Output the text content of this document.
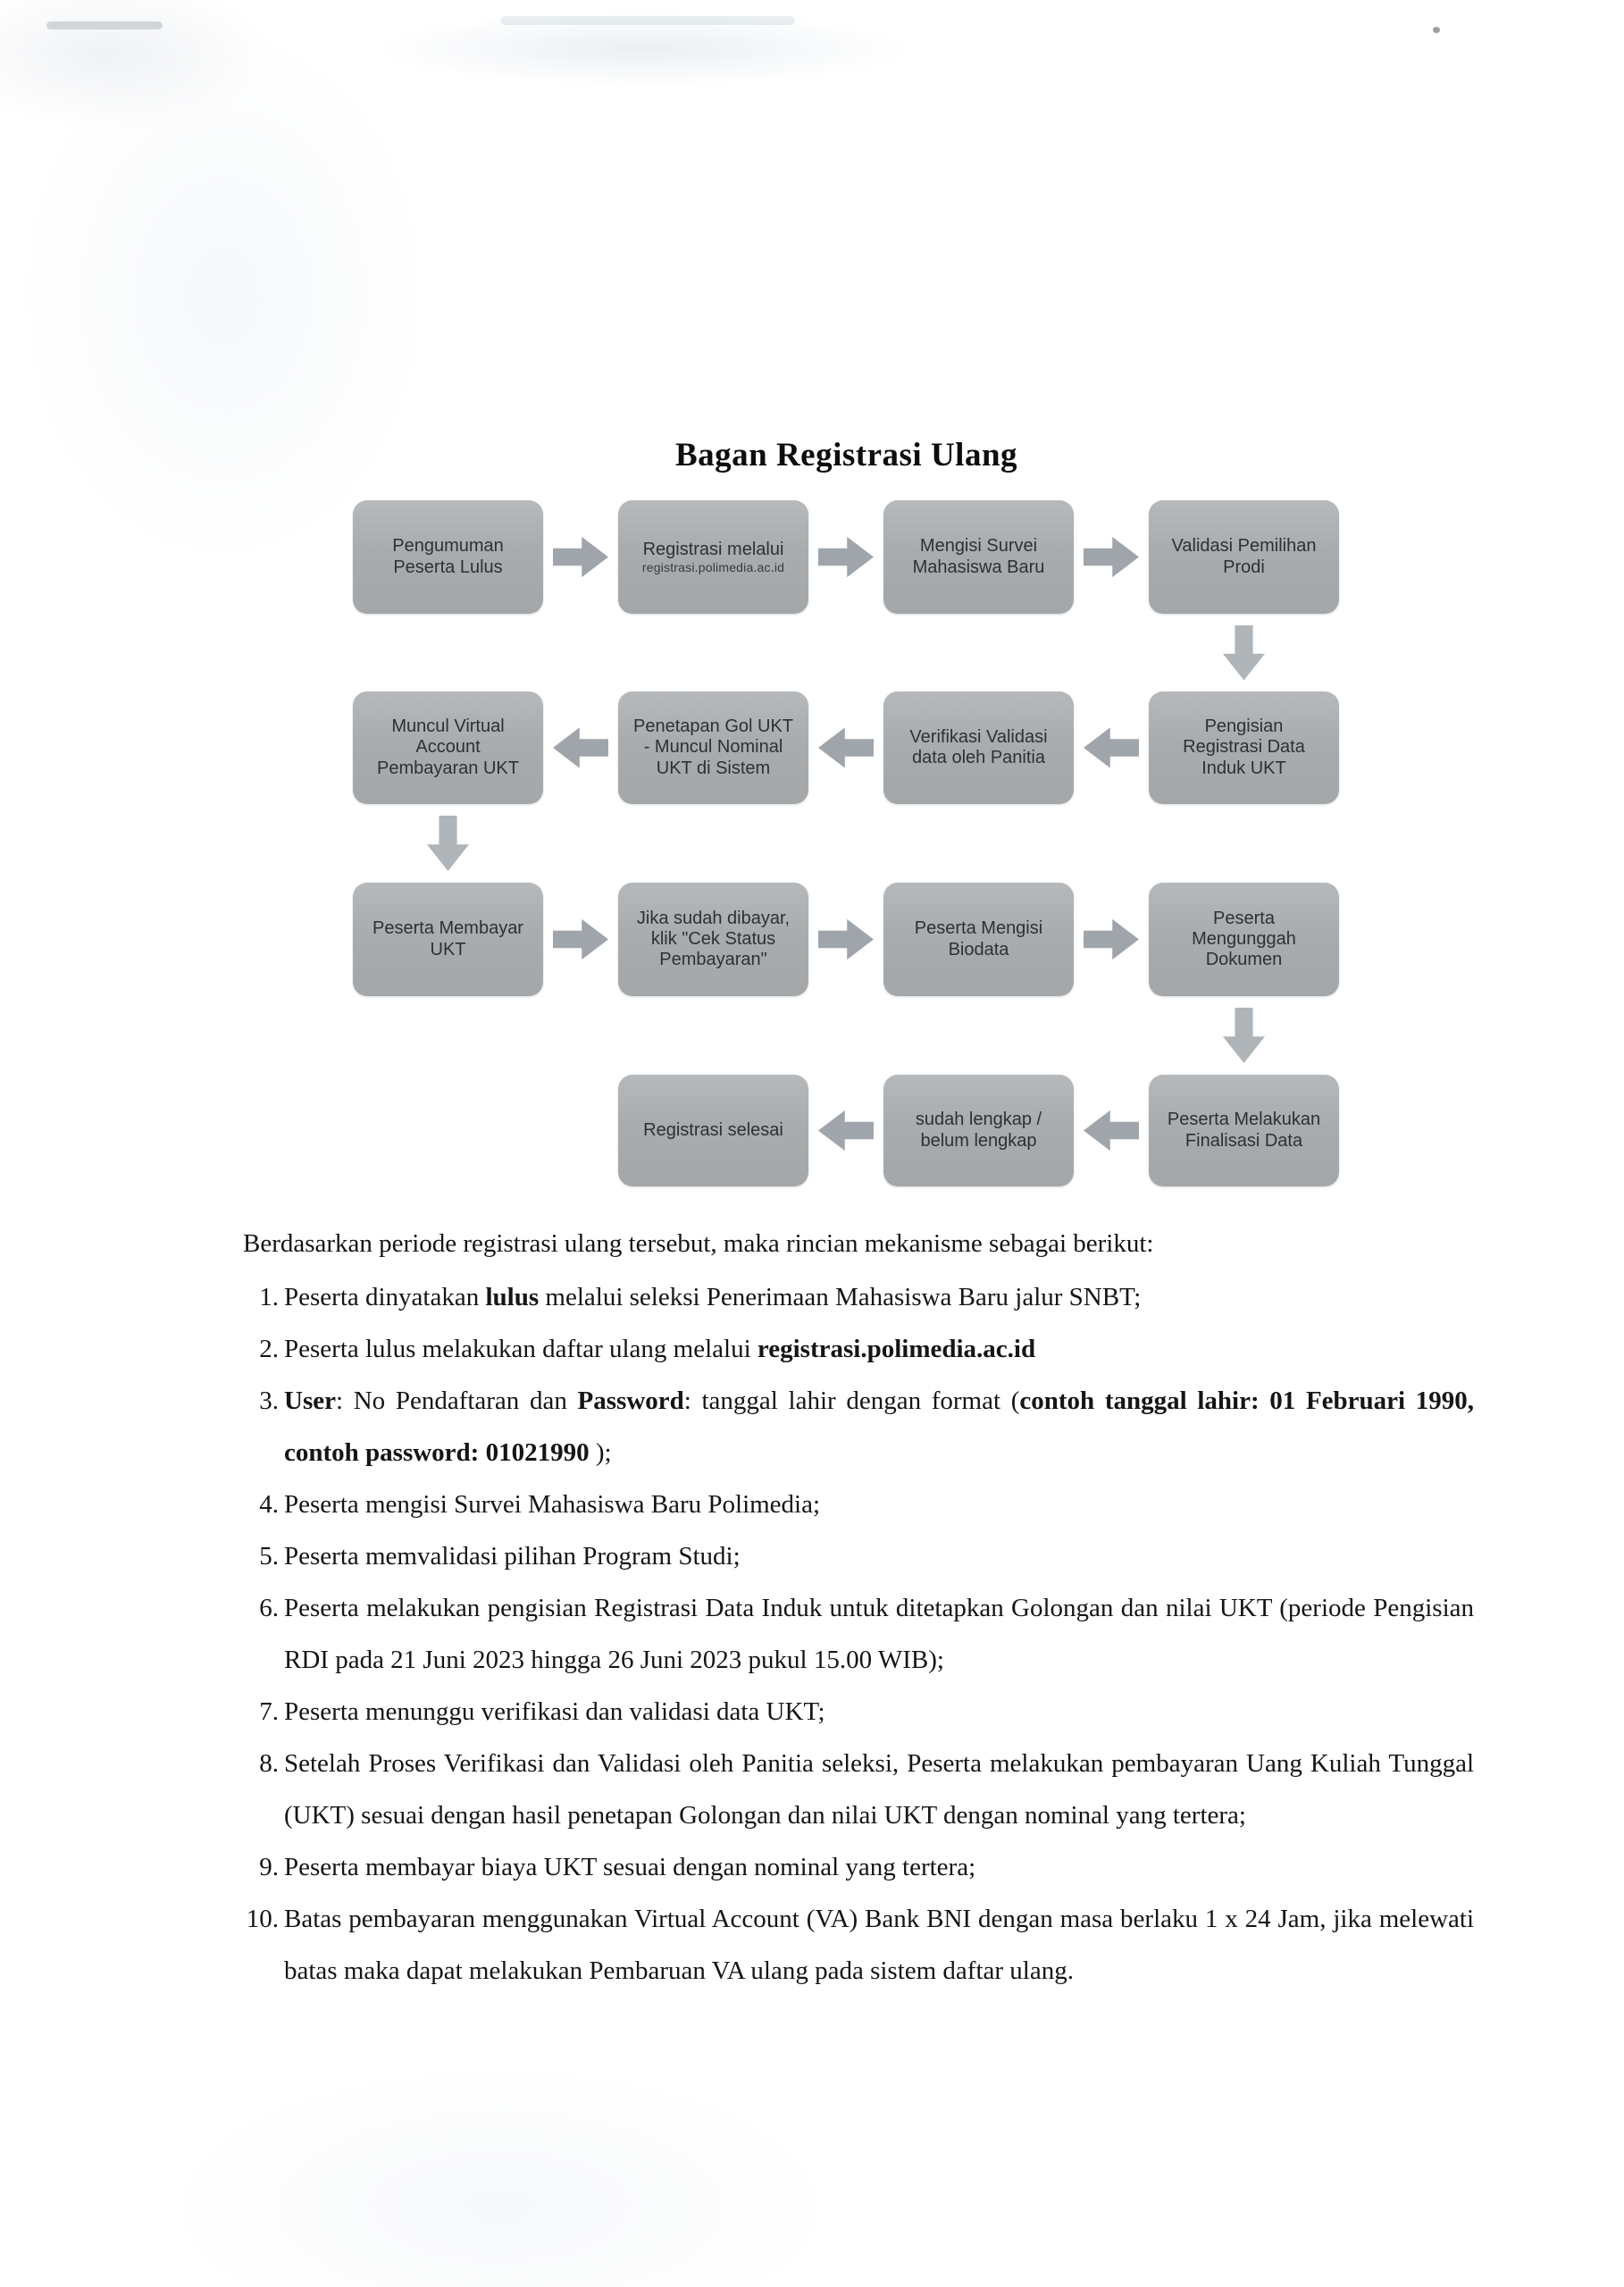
Bagan Registrasi Ulang
Pengumuman
Peserta Lulus
Registrasi melalui
registrasi.polimedia.ac.id
Mengisi Survei
Mahasiswa Baru
Validasi Pemilihan
Prodi
Muncul Virtual
Account
Pembayaran UKT
Penetapan Gol UKT
- Muncul Nominal
UKT di Sistem
Verifikasi Validasi
data oleh Panitia
Pengisian
Registrasi Data
Induk UKT
Peserta Membayar
UKT
Jika sudah dibayar,
klik "Cek Status
Pembayaran"
Peserta Mengisi
Biodata
Peserta
Mengunggah
Dokumen
Registrasi selesai
sudah lengkap /
belum lengkap
Peserta Melakukan
Finalisasi Data

Berdasarkan periode registrasi ulang tersebut, maka rincian mekanisme sebagai berikut:

1. Peserta dinyatakan lulus melalui seleksi Penerimaan Mahasiswa Baru jalur SNBT;
2. Peserta lulus melakukan daftar ulang melalui registrasi.polimedia.ac.id
3. User: No Pendaftaran dan Password: tanggal lahir dengan format (contoh tanggal lahir: 01 Februari 1990, contoh password: 01021990 );
4. Peserta mengisi Survei Mahasiswa Baru Polimedia;
5. Peserta memvalidasi pilihan Program Studi;
6. Peserta melakukan pengisian Registrasi Data Induk untuk ditetapkan Golongan dan nilai UKT (periode Pengisian RDI pada 21 Juni 2023 hingga 26 Juni 2023 pukul 15.00 WIB);
7. Peserta menunggu verifikasi dan validasi data UKT;
8. Setelah Proses Verifikasi dan Validasi oleh Panitia seleksi, Peserta melakukan pembayaran Uang Kuliah Tunggal (UKT) sesuai dengan hasil penetapan Golongan dan nilai UKT dengan nominal yang tertera;
9. Peserta membayar biaya UKT sesuai dengan nominal yang tertera;
10. Batas pembayaran menggunakan Virtual Account (VA) Bank BNI dengan masa berlaku 1 x 24 Jam, jika melewati batas maka dapat melakukan Pembaruan VA ulang pada sistem daftar ulang.
